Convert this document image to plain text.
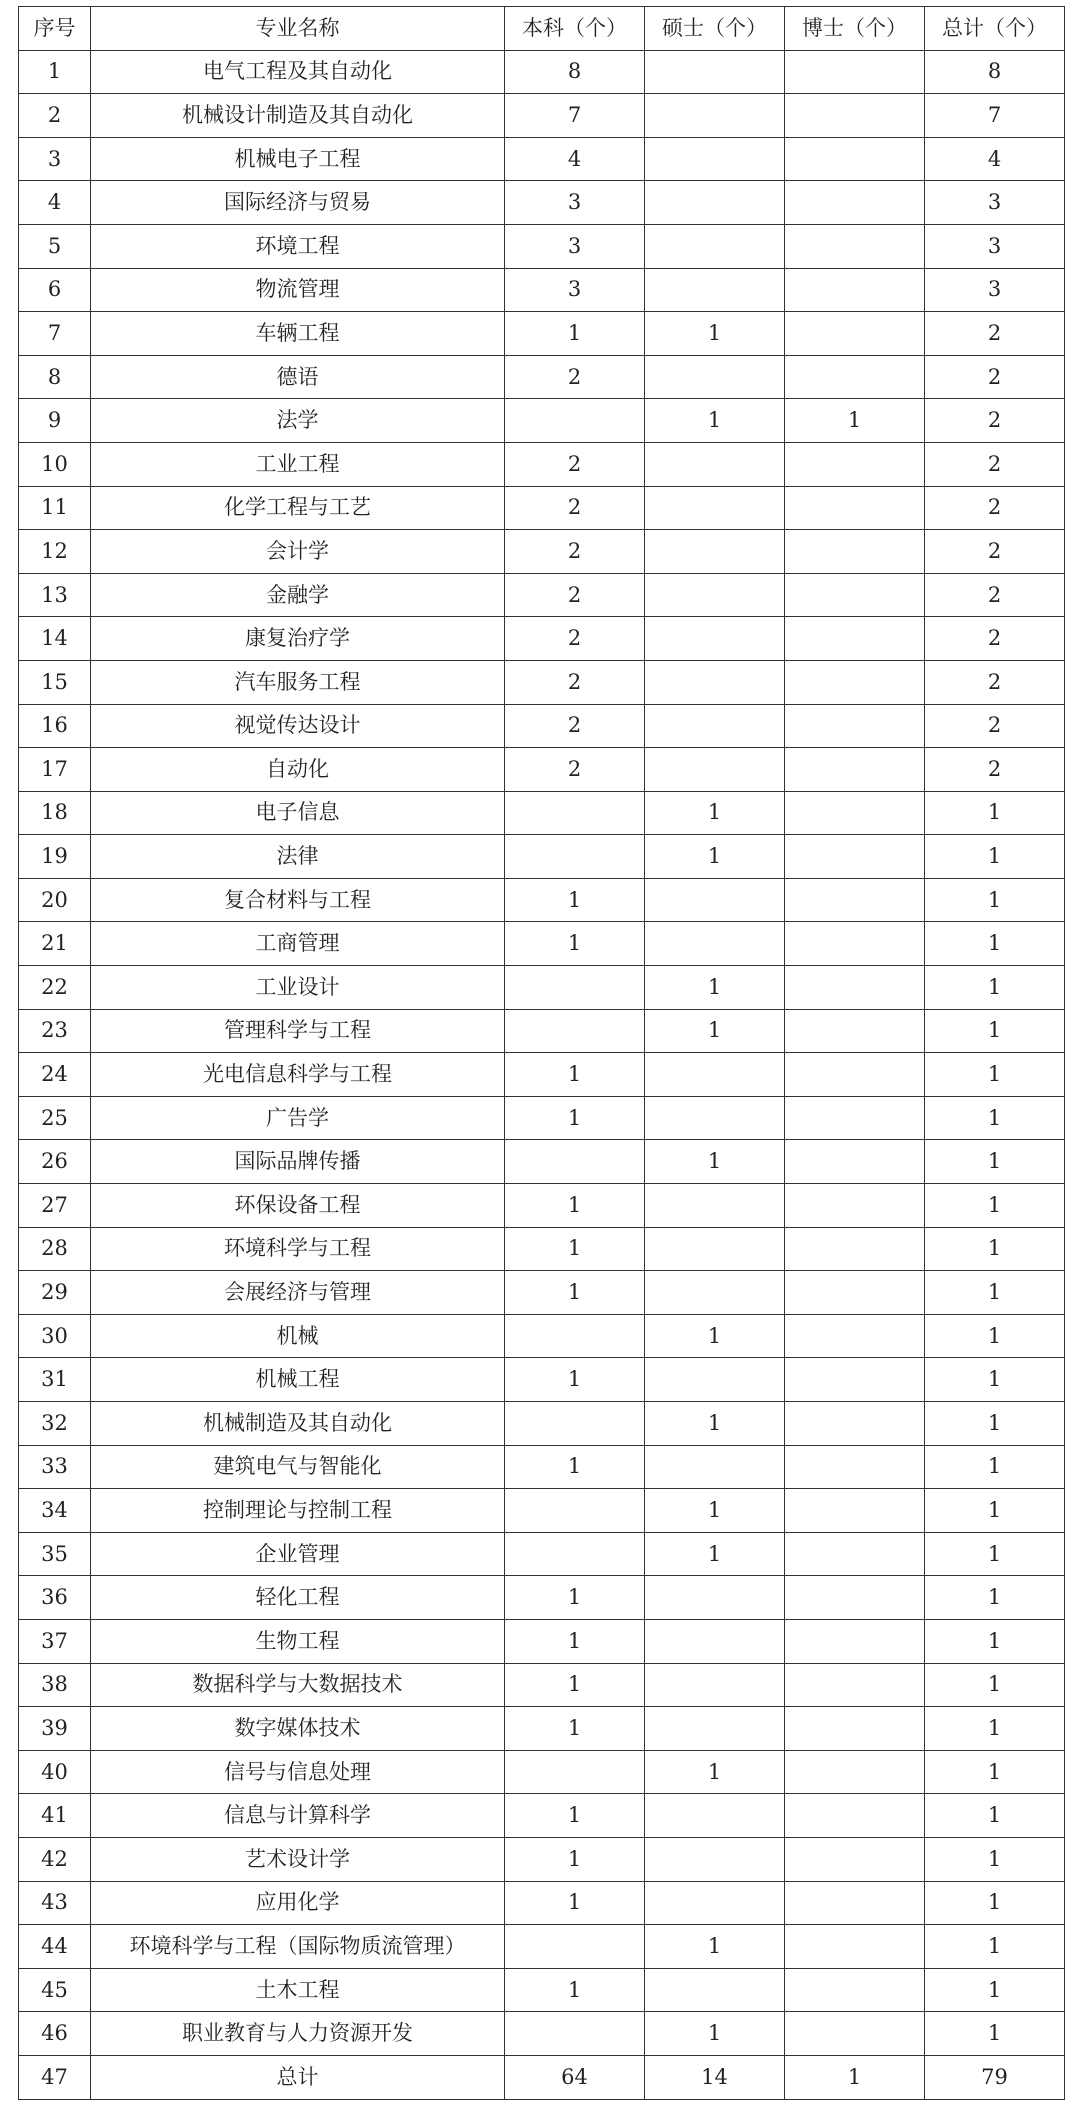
序号	专业名称	本科（个）	硕士（个）	博士（个）	总计（个）
1	电气工程及其自动化	8			8
2	机械设计制造及其自动化	7			7
3	机械电子工程	4			4
4	国际经济与贸易	3			3
5	环境工程	3			3
6	物流管理	3			3
7	车辆工程	1	1		2
8	德语	2			2
9	法学		1	1	2
10	工业工程	2			2
11	化学工程与工艺	2			2
12	会计学	2			2
13	金融学	2			2
14	康复治疗学	2			2
15	汽车服务工程	2			2
16	视觉传达设计	2			2
17	自动化	2			2
18	电子信息		1		1
19	法律		1		1
20	复合材料与工程	1			1
21	工商管理	1			1
22	工业设计		1		1
23	管理科学与工程		1		1
24	光电信息科学与工程	1			1
25	广告学	1			1
26	国际品牌传播		1		1
27	环保设备工程	1			1
28	环境科学与工程	1			1
29	会展经济与管理	1			1
30	机械		1		1
31	机械工程	1			1
32	机械制造及其自动化		1		1
33	建筑电气与智能化	1			1
34	控制理论与控制工程		1		1
35	企业管理		1		1
36	轻化工程	1			1
37	生物工程	1			1
38	数据科学与大数据技术	1			1
39	数字媒体技术	1			1
40	信号与信息处理		1		1
41	信息与计算科学	1			1
42	艺术设计学	1			1
43	应用化学	1			1
44	环境科学与工程（国际物质流管理）		1		1
45	土木工程	1			1
46	职业教育与人力资源开发		1		1
47	总计	64	14	1	79
